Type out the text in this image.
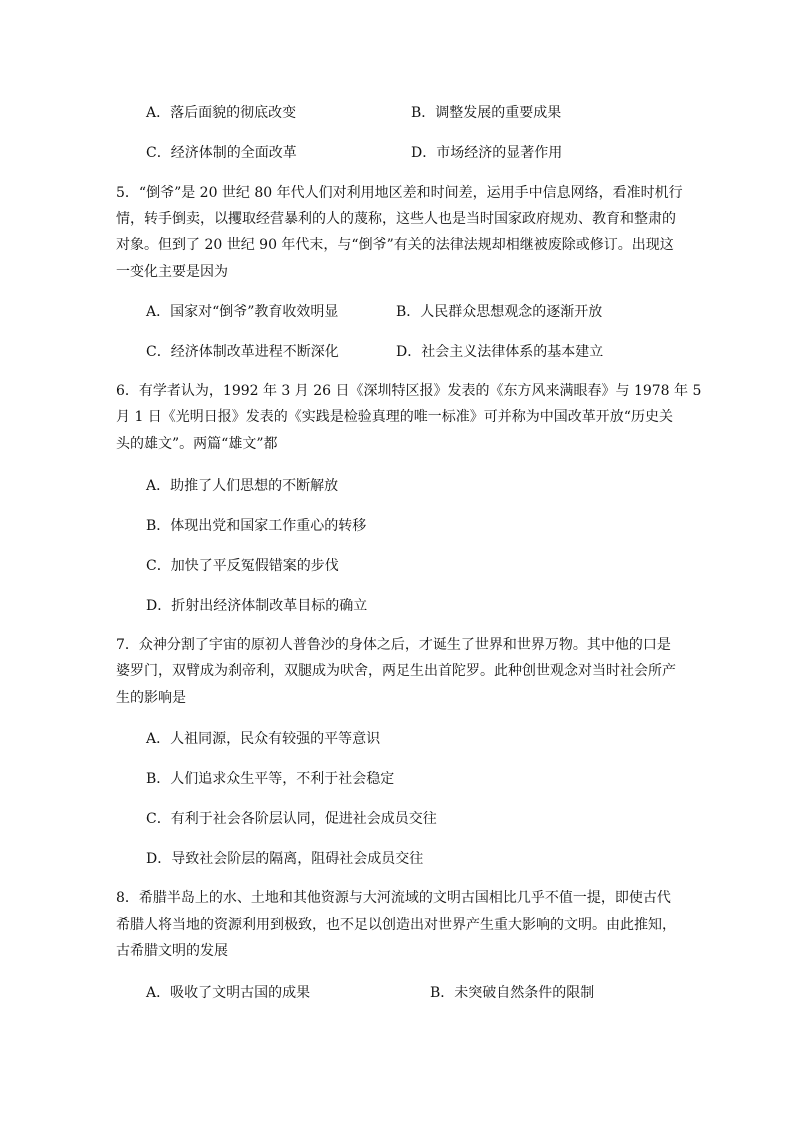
A．落后面貌的彻底改变	B．调整发展的重要成果
C．经济体制的全面改革	D．市场经济的显著作用
5．“倒爷”是 20 世纪 80 年代人们对利用地区差和时间差，运用手中信息网络，看准时机行
情，转手倒卖，以攫取经营暴利的人的蔑称，这些人也是当时国家政府规劝、教育和整肃的
对象。但到了 20 世纪 90 年代末，与“倒爷”有关的法律法规却相继被废除或修订。出现这
一变化主要是因为
A．国家对“倒爷”教育收效明显	B．人民群众思想观念的逐渐开放
C．经济体制改革进程不断深化	D．社会主义法律体系的基本建立
6．有学者认为，1992 年 3 月 26 日《深圳特区报》发表的《东方风来满眼春》与 1978 年 5
月 1 日《光明日报》发表的《实践是检验真理的唯一标准》可并称为中国改革开放“历史关
头的雄文”。两篇“雄文”都
A．助推了人们思想的不断解放
B．体现出党和国家工作重心的转移
C．加快了平反冤假错案的步伐
D．折射出经济体制改革目标的确立
7．众神分割了宇宙的原初人普鲁沙的身体之后，才诞生了世界和世界万物。其中他的口是
婆罗门，双臂成为刹帝利，双腿成为吠舍，两足生出首陀罗。此种创世观念对当时社会所产
生的影响是
A．人祖同源，民众有较强的平等意识
B．人们追求众生平等，不利于社会稳定
C．有利于社会各阶层认同，促进社会成员交往
D．导致社会阶层的隔离，阻碍社会成员交往
8．希腊半岛上的水、土地和其他资源与大河流域的文明古国相比几乎不值一提，即使古代
希腊人将当地的资源利用到极致，也不足以创造出对世界产生重大影响的文明。由此推知，
古希腊文明的发展
A．吸收了文明古国的成果	B．未突破自然条件的限制
